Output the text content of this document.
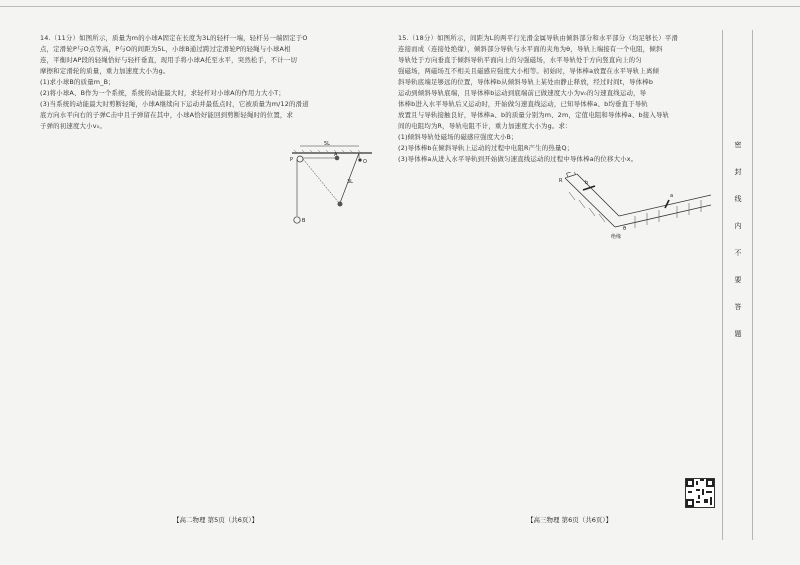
14.（11分）如图所示，质量为m的小球A固定在长度为3L的轻杆一端，轻杆另一端固定于O

点，定滑轮P与O点等高，P与O的间距为5L，小球B通过跨过定滑轮P的轻绳与小球A相

连，平衡时AP段的轻绳恰好与轻杆垂直，现用手将小球A托至水平，突然松手，不计一切

摩擦和定滑轮的质量，重力加速度大小为g。

(1)求小球B的质量m_B；

(2)将小球A、B作为一个系统，系统的动能最大时，求轻杆对小球A的作用力大小T；

(3)当系统的动能最大时剪断轻绳，小球A继续向下运动并最低点时，它被质量为m/12的滑道

底方向水平向右的子弹C击中且子弹留在其中，小球A恰好能回到剪断轻绳时的位置，求

子弹的初速度大小v₀。

5L
P
B
A
O
3L

15.（18分）如图所示，间距为L的两平行光滑金属导轨由倾斜部分和水平部分（均足够长）平滑

连接而成（连接处绝缘），倾斜部分导轨与水平面的夹角为θ，导轨上端接有一个电阻，倾斜

导轨处于方向垂直于倾斜导轨平面向上的匀强磁场，水平导轨处于方向竖直向上的匀

强磁场，两磁场互不相关且磁感应强度大小相等。初始时，导体棒a放置在水平导轨上离倾

斜导轨底端足够远的位置，导体棒b从倾斜导轨上某处由静止释放，经过时间t，导体棒b

运动到倾斜导轨底端，且导体棒b运动到底端前已做速度大小为v₀的匀速直线运动，导

体棒b进入水平导轨后又运动时，开始做匀速直线运动，已知导体棒a、b均垂直于导轨

放置且与导轨接触良好，导体棒a、b的质量分别为m、2m，定值电阻和导体棒a、b接入导轨

间的电阻均为R，导轨电阻不计，重力加速度大小为g。求：

(1)倾斜导轨处磁场的磁感应强度大小B；

(2)导体棒b在倾斜导轨上运动的过程中电阻R产生的热量Q；

(3)导体棒a从进入水平导轨到开始做匀速直线运动的过程中导体棒a的位移大小x。

R	b
a
绝缘
θ
【高二物理 第5页（共6页）】	【高三物理 第6页（共6页）】
密
封
线
内
不
要
答
题
